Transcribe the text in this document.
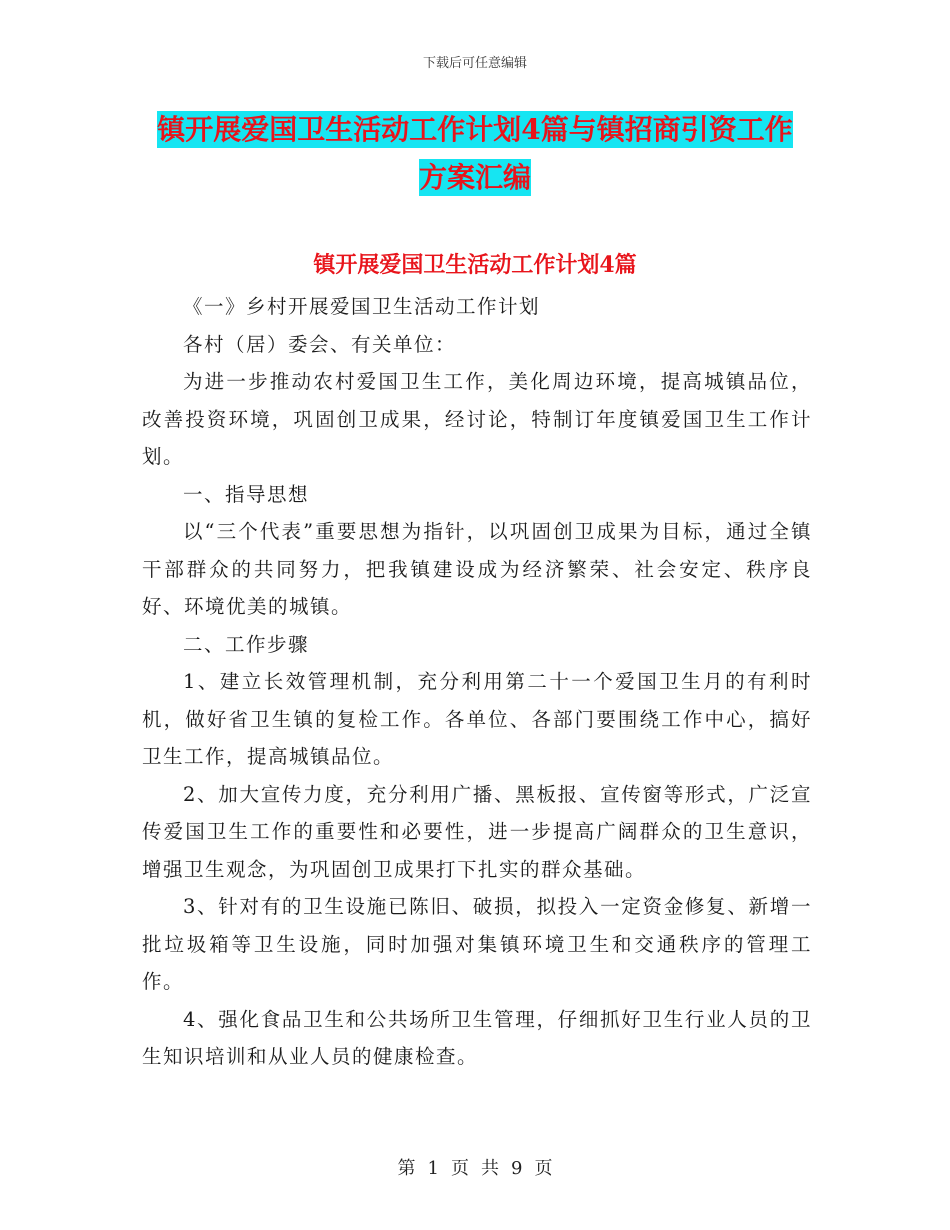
下载后可任意编辑
镇开展爱国卫生活动工作计划4篇与镇招商引资工作
方案汇编
镇开展爱国卫生活动工作计划4篇

《一》乡村开展爱国卫生活动工作计划

各村（居）委会、有关单位：

为进一步推动农村爱国卫生工作，美化周边环境，提高城镇品位，改善投资环境，巩固创卫成果，经讨论，特制订年度镇爱国卫生工作计划。

一、指导思想

以“三个代表”重要思想为指针，以巩固创卫成果为目标，通过全镇干部群众的共同努力，把我镇建设成为经济繁荣、社会安定、秩序良好、环境优美的城镇。

二、工作步骤

1、建立长效管理机制，充分利用第二十一个爱国卫生月的有利时机，做好省卫生镇的复检工作。各单位、各部门要围绕工作中心，搞好卫生工作，提高城镇品位。

2、加大宣传力度，充分利用广播、黑板报、宣传窗等形式，广泛宣传爱国卫生工作的重要性和必要性，进一步提高广阔群众的卫生意识，增强卫生观念，为巩固创卫成果打下扎实的群众基础。

3、针对有的卫生设施已陈旧、破损，拟投入一定资金修复、新增一批垃圾箱等卫生设施，同时加强对集镇环境卫生和交通秩序的管理工作。

4、强化食品卫生和公共场所卫生管理，仔细抓好卫生行业人员的卫生知识培训和从业人员的健康检查。

第 1 页 共 9 页
